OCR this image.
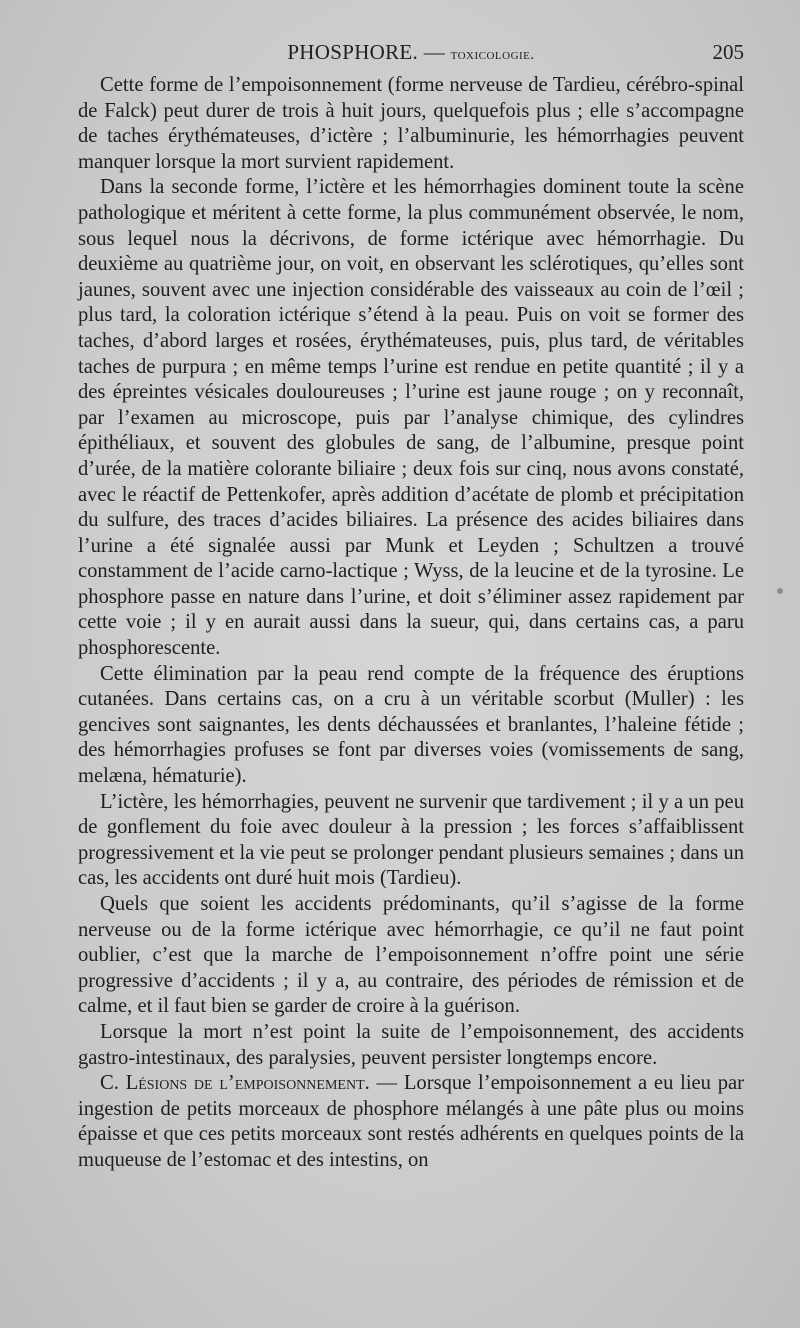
PHOSPHORE. — toxicologie.	205

Cette forme de l’empoisonnement (forme nerveuse de Tardieu, cérébro-spinal de Falck) peut durer de trois à huit jours, quelquefois plus ; elle s’accompagne de taches érythémateuses, d’ictère ; l’albuminurie, les hémorrhagies peuvent manquer lorsque la mort survient rapidement.

Dans la seconde forme, l’ictère et les hémorrhagies dominent toute la scène pathologique et méritent à cette forme, la plus communément observée, le nom, sous lequel nous la décrivons, de forme ictérique avec hémorrhagie. Du deuxième au quatrième jour, on voit, en observant les sclérotiques, qu’elles sont jaunes, souvent avec une injection considérable des vaisseaux au coin de l’œil ; plus tard, la coloration ictérique s’étend à la peau. Puis on voit se former des taches, d’abord larges et rosées, érythémateuses, puis, plus tard, de véritables taches de purpura ; en même temps l’urine est rendue en petite quantité ; il y a des épreintes vésicales douloureuses ; l’urine est jaune rouge ; on y reconnaît, par l’examen au microscope, puis par l’analyse chimique, des cylindres épithéliaux, et souvent des globules de sang, de l’albumine, presque point d’urée, de la matière colorante biliaire ; deux fois sur cinq, nous avons constaté, avec le réactif de Pettenkofer, après addition d’acétate de plomb et précipitation du sulfure, des traces d’acides biliaires. La présence des acides biliaires dans l’urine a été signalée aussi par Munk et Leyden ; Schultzen a trouvé constamment de l’acide carno-lactique ; Wyss, de la leucine et de la tyrosine. Le phosphore passe en nature dans l’urine, et doit s’éliminer assez rapidement par cette voie ; il y en aurait aussi dans la sueur, qui, dans certains cas, a paru phosphorescente.

Cette élimination par la peau rend compte de la fréquence des éruptions cutanées. Dans certains cas, on a cru à un véritable scorbut (Muller) : les gencives sont saignantes, les dents déchaussées et branlantes, l’haleine fétide ; des hémorrhagies profuses se font par diverses voies (vomissements de sang, melæna, hématurie).

L’ictère, les hémorrhagies, peuvent ne survenir que tardivement ; il y a un peu de gonflement du foie avec douleur à la pression ; les forces s’affaiblissent progressivement et la vie peut se prolonger pendant plusieurs semaines ; dans un cas, les accidents ont duré huit mois (Tardieu).

Quels que soient les accidents prédominants, qu’il s’agisse de la forme nerveuse ou de la forme ictérique avec hémorrhagie, ce qu’il ne faut point oublier, c’est que la marche de l’empoisonnement n’offre point une série progressive d’accidents ; il y a, au contraire, des périodes de rémission et de calme, et il faut bien se garder de croire à la guérison.

Lorsque la mort n’est point la suite de l’empoisonnement, des accidents gastro-intestinaux, des paralysies, peuvent persister longtemps encore.

C. Lésions de l’empoisonnement. — Lorsque l’empoisonnement a eu lieu par ingestion de petits morceaux de phosphore mélangés à une pâte plus ou moins épaisse et que ces petits morceaux sont restés adhérents en quelques points de la muqueuse de l’estomac et des intestins, on
